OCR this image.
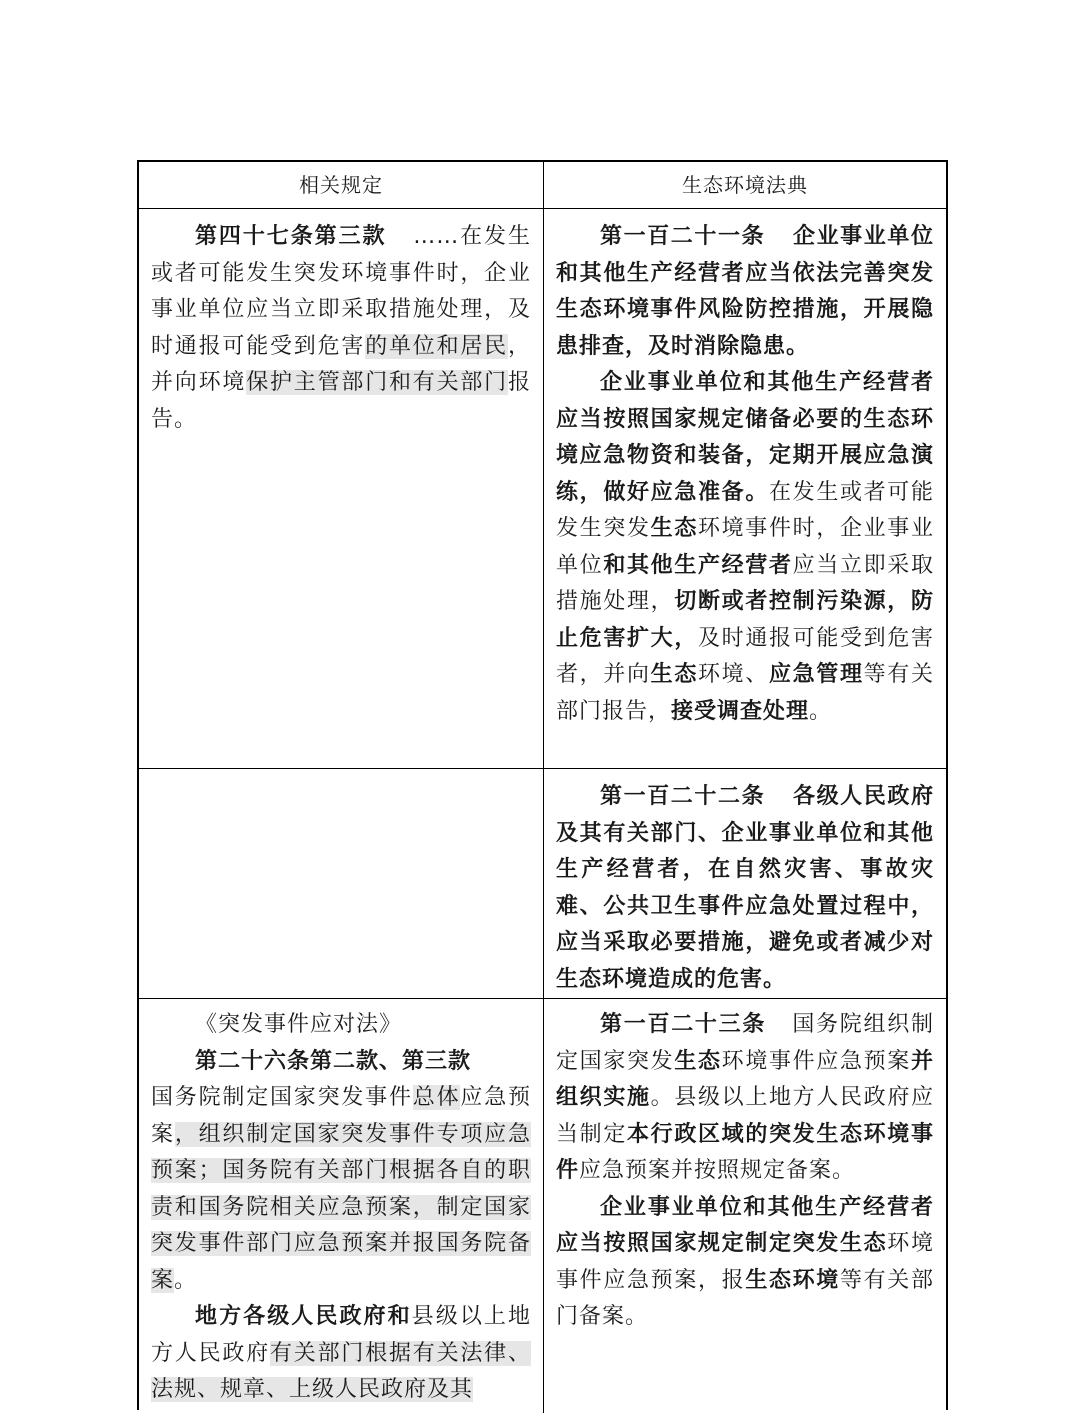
相关规定	生态环境法典

第四十七条第三款 ……在发生或者可能发生突发环境事件时，企业事业单位应当立即采取措施处理，及时通报可能受到危害的单位和居民，并向环境保护主管部门和有关部门报告。

第一百二十一条 企业事业单位和其他生产经营者应当依法完善突发生态环境事件风险防控措施，开展隐患排查，及时消除隐患。

企业事业单位和其他生产经营者应当按照国家规定储备必要的生态环境应急物资和装备，定期开展应急演练，做好应急准备。在发生或者可能发生突发生态环境事件时，企业事业单位和其他生产经营者应当立即采取措施处理，切断或者控制污染源，防止危害扩大，及时通报可能受到危害者，并向生态环境、应急管理等有关部门报告，接受调查处理。

第一百二十二条 各级人民政府及其有关部门、企业事业单位和其他生产经营者，在自然灾害、事故灾难、公共卫生事件应急处置过程中，应当采取必要措施，避免或者减少对生态环境造成的危害。

《突发事件应对法》

第二十六条第二款、第三款

国务院制定国家突发事件总体应急预案，组织制定国家突发事件专项应急预案；国务院有关部门根据各自的职责和国务院相关应急预案，制定国家突发事件部门应急预案并报国务院备案。

地方各级人民政府和县级以上地方人民政府有关部门根据有关法律、法规、规章、上级人民政府及其

第一百二十三条 国务院组织制定国家突发生态环境事件应急预案并组织实施。县级以上地方人民政府应当制定本行政区域的突发生态环境事件应急预案并按照规定备案。

企业事业单位和其他生产经营者应当按照国家规定制定突发生态环境事件应急预案，报生态环境等有关部门备案。
